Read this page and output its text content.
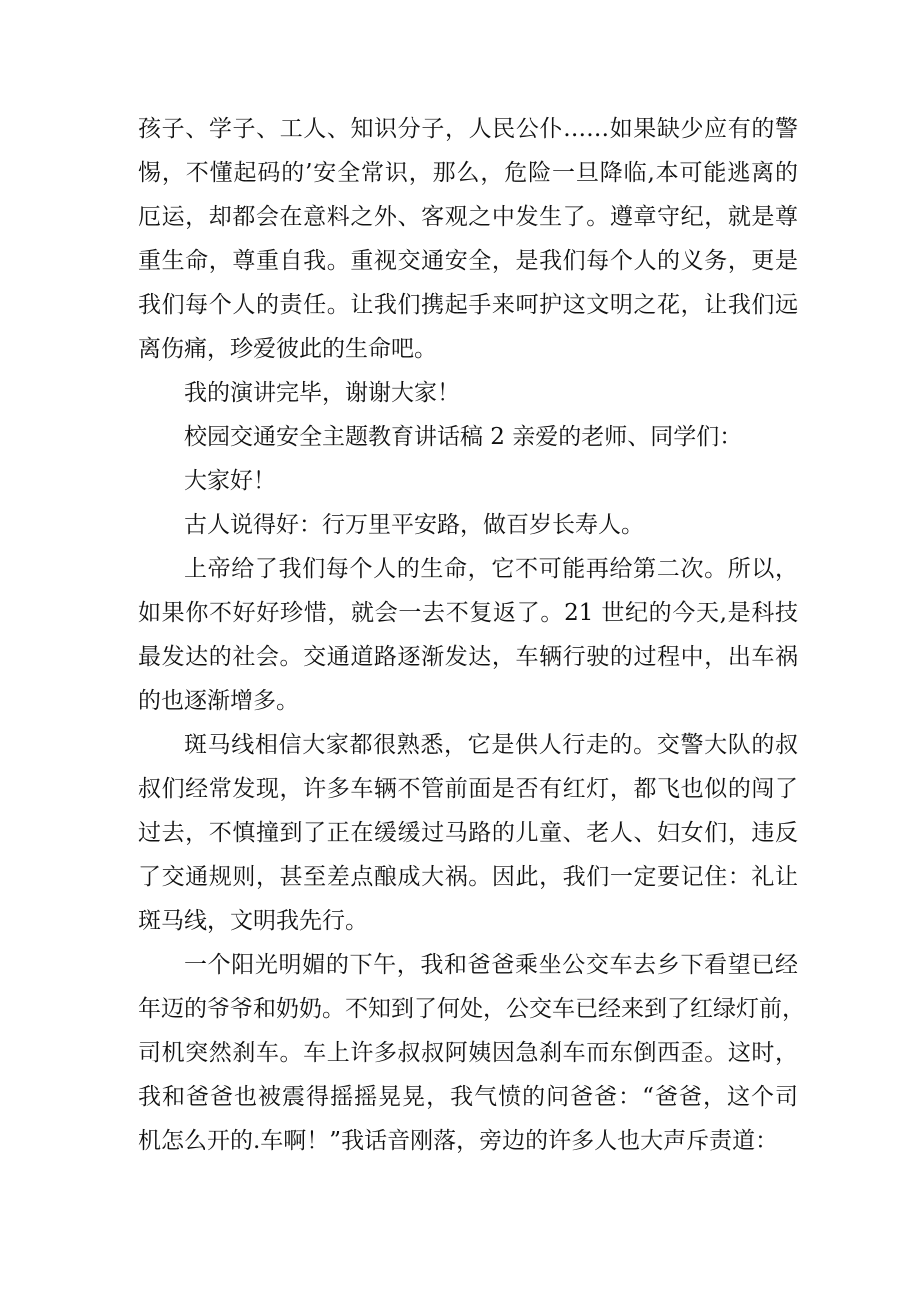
孩子、学子、工人、知识分子，人民公仆……如果缺少应有的警
惕，不懂起码的’安全常识，那么，危险一旦降临,本可能逃离的
厄运，却都会在意料之外、客观之中发生了。遵章守纪，就是尊
重生命，尊重自我。重视交通安全，是我们每个人的义务，更是
我们每个人的责任。让我们携起手来呵护这文明之花，让我们远
离伤痛，珍爱彼此的生命吧。
我的演讲完毕，谢谢大家！
校园交通安全主题教育讲话稿 2 亲爱的老师、同学们：
大家好！
古人说得好：行万里平安路，做百岁长寿人。
上帝给了我们每个人的生命，它不可能再给第二次。所以，
如果你不好好珍惜，就会一去不复返了。21 世纪的今天,是科技
最发达的社会。交通道路逐渐发达，车辆行驶的过程中，出车祸
的也逐渐增多。
斑马线相信大家都很熟悉，它是供人行走的。交警大队的叔
叔们经常发现，许多车辆不管前面是否有红灯，都飞也似的闯了
过去，不慎撞到了正在缓缓过马路的儿童、老人、妇女们，违反
了交通规则，甚至差点酿成大祸。因此，我们一定要记住：礼让
斑马线，文明我先行。
一个阳光明媚的下午，我和爸爸乘坐公交车去乡下看望已经
年迈的爷爷和奶奶。不知到了何处，公交车已经来到了红绿灯前，
司机突然刹车。车上许多叔叔阿姨因急刹车而东倒西歪。这时，
我和爸爸也被震得摇摇晃晃，我气愤的问爸爸：“爸爸，这个司
机怎么开的.车啊！”我话音刚落，旁边的许多人也大声斥责道：
